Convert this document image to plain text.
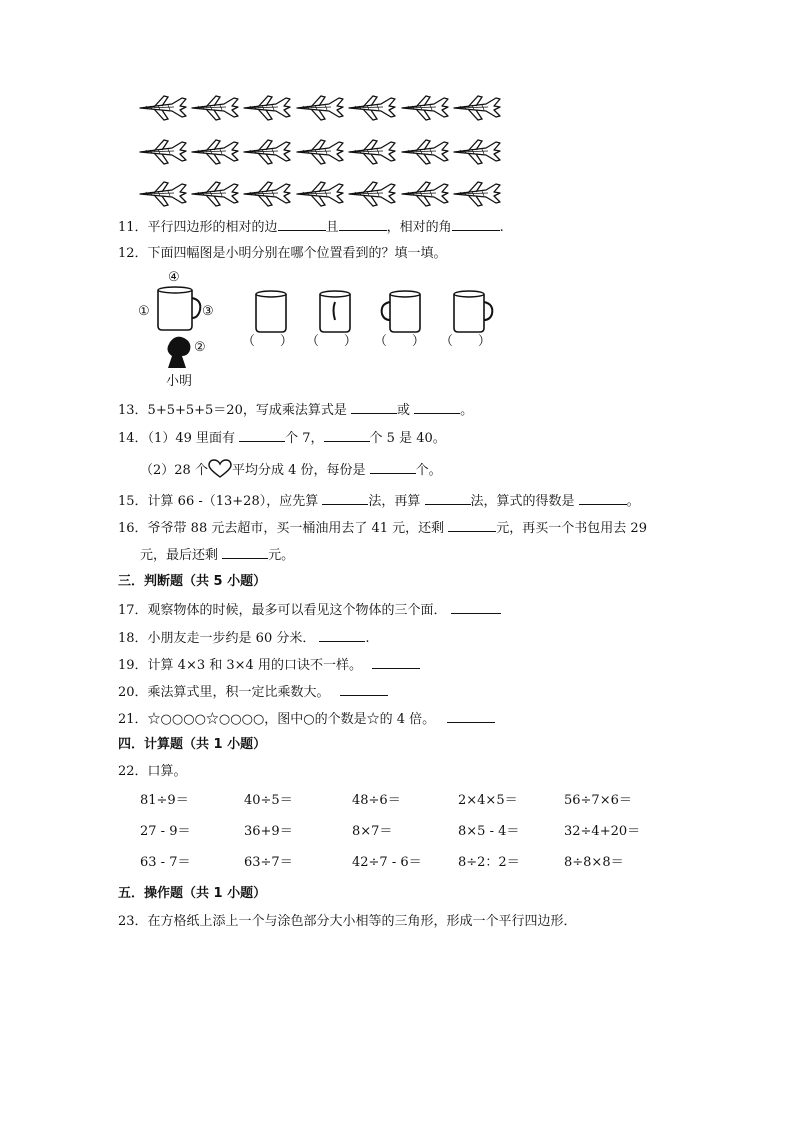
11．平行四边形的相对的边	且	，相对的角	.
12．下面四幅图是小明分别在哪个位置看到的？填一填。
④
①	③
②
小明

（ ） （ ） （ ） （ ）
13．5+5+5+5＝20，写成乘法算式是	或	。
14．（1）49 里面有	个 7，	个 5 是 40。
（2）28 个 平均分成 4 份，每份是	个。
15．计算 66 -（13+28），应先算	法，再算	法，算式的得数是	。
16．爷爷带 88 元去超市，买一桶油用去了 41 元，还剩	元，再买一个书包用去 29
元，最后还剩	元。
三．判断题（共 5 小题）
17．观察物体的时候，最多可以看见这个物体的三个面．
18．小朋友走一步约是 60 分米．	.
19．计算 4×3 和 3×4 用的口诀不一样。
20．乘法算式里，积一定比乘数大。
21．☆○○○○☆○○○○，图中○的个数是☆的 4 倍。
四．计算题（共 1 小题）
22．口算。
81÷9＝	40÷5＝	48÷6＝	2×4×5＝	56÷7×6＝
27 - 9＝	36+9＝	8×7＝	8×5 - 4＝	32÷4+20＝
63 - 7＝	63÷7＝	42÷7 - 6＝	8÷2：2＝	8÷8×8＝
五．操作题（共 1 小题）
23．在方格纸上添上一个与涂色部分大小相等的三角形，形成一个平行四边形．
